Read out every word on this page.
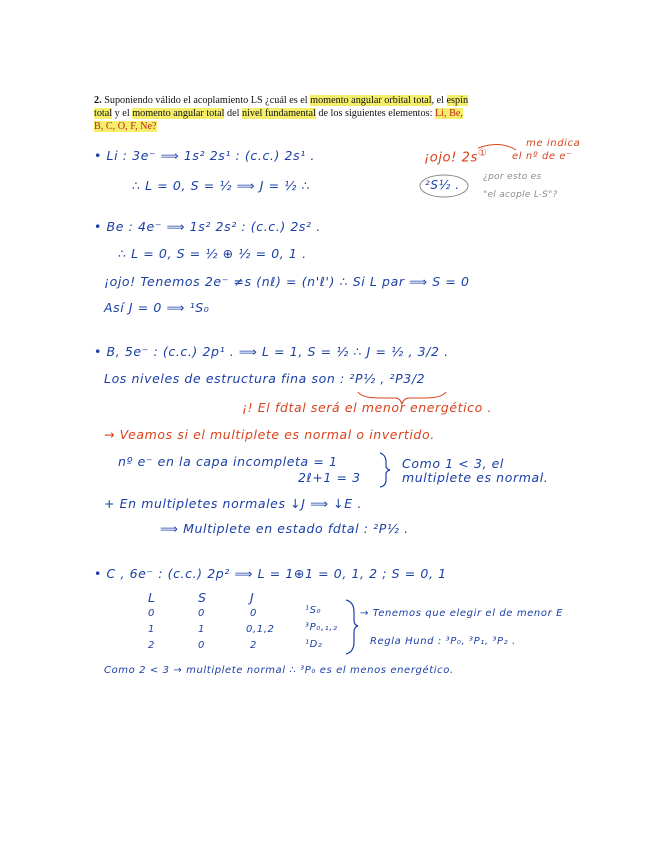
2. Suponiendo válido el acoplamiento LS ¿cuál es el momento angular orbital total, el espín total y el momento angular total del nivel fundamental de los siguientes elementos: Li, Be, B, C, O, F, Ne?
• Li : 3e⁻ ⟹ 1s² 2s¹ : (c.c.) 2s¹ .	¡ojo! 2s①
me indica
el nº de e⁻
∴ L = 0, S = ½ ⟹ J = ½ ∴	²S½ .
¿por esto es
"el acople L-S"?
• Be : 4e⁻ ⟹ 1s² 2s² : (c.c.) 2s² .
∴ L = 0, S = ½ ⊕ ½ = 0, 1 .
¡ojo! Tenemos 2e⁻ ≠s (nℓ) = (n'ℓ') ∴ Si L par ⟹ S = 0
Así J = 0 ⟹ ¹S₀
• B, 5e⁻ : (c.c.) 2p¹ . ⟹ L = 1, S = ½ ∴ J = ½ , 3/2 .
Los niveles de estructura fina son : ²P½ , ²P3/2
¡! El fdtal será el menor energético .
→ Veamos si el multiplete es normal o invertido.
nº e⁻ en la capa incompleta = 1
2ℓ+1 = 3
Como 1 < 3, el
multiplete es normal.
+ En multipletes normales ↓J ⟹ ↓E .
⟹ Multiplete en estado fdtal : ²P½ .
• C , 6e⁻ : (c.c.) 2p² ⟹ L = 1⊕1 = 0, 1, 2 ; S = 0, 1
L	S	J
0	0	0	¹S₀
1	1	0,1,2	³P₀,₁,₂
2	0	2	¹D₂
→ Tenemos que elegir el de menor E
Regla Hund : ³P₀, ³P₁, ³P₂ .
Como 2 < 3 → multiplete normal ∴ ³P₀ es el menos energético.
